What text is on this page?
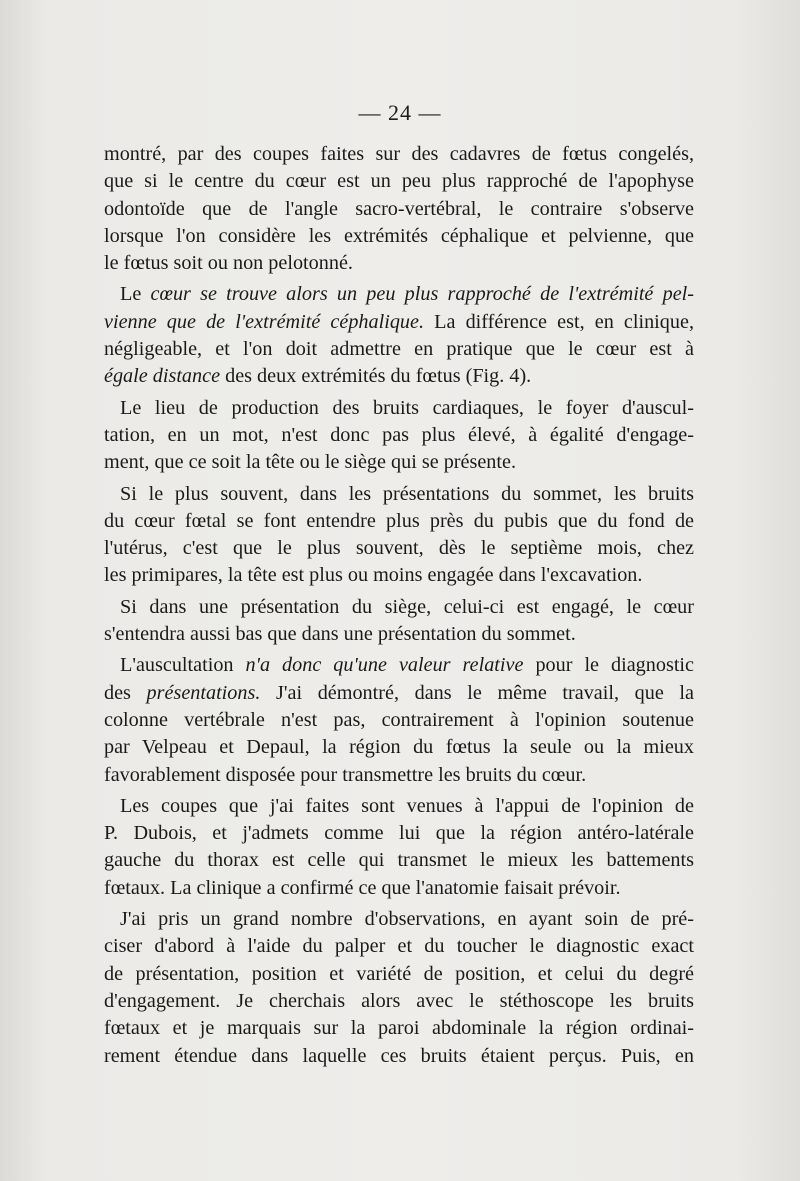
— 24 —
montré, par des coupes faites sur des cadavres de fœtus congelés,
que si le centre du cœur est un peu plus rapproché de l'apophyse
odontoïde que de l'angle sacro-vertébral, le contraire s'observe
lorsque l'on considère les extrémités céphalique et pelvienne, que
le fœtus soit ou non pelotonné.
Le cœur se trouve alors un peu plus rapproché de l'extrémité pel-
vienne que de l'extrémité céphalique. La différence est, en clinique,
négligeable, et l'on doit admettre en pratique que le cœur est à
égale distance des deux extrémités du fœtus (Fig. 4).
Le lieu de production des bruits cardiaques, le foyer d'auscul-
tation, en un mot, n'est donc pas plus élevé, à égalité d'engage-
ment, que ce soit la tête ou le siège qui se présente.
Si le plus souvent, dans les présentations du sommet, les bruits
du cœur fœtal se font entendre plus près du pubis que du fond de
l'utérus, c'est que le plus souvent, dès le septième mois, chez
les primipares, la tête est plus ou moins engagée dans l'excavation.
Si dans une présentation du siège, celui-ci est engagé, le cœur
s'entendra aussi bas que dans une présentation du sommet.
L'auscultation n'a donc qu'une valeur relative pour le diagnostic
des présentations. J'ai démontré, dans le même travail, que la
colonne vertébrale n'est pas, contrairement à l'opinion soutenue
par Velpeau et Depaul, la région du fœtus la seule ou la mieux
favorablement disposée pour transmettre les bruits du cœur.
Les coupes que j'ai faites sont venues à l'appui de l'opinion de
P. Dubois, et j'admets comme lui que la région antéro-latérale
gauche du thorax est celle qui transmet le mieux les battements
fœtaux. La clinique a confirmé ce que l'anatomie faisait prévoir.
J'ai pris un grand nombre d'observations, en ayant soin de pré-
ciser d'abord à l'aide du palper et du toucher le diagnostic exact
de présentation, position et variété de position, et celui du degré
d'engagement. Je cherchais alors avec le stéthoscope les bruits
fœtaux et je marquais sur la paroi abdominale la région ordinai-
rement étendue dans laquelle ces bruits étaient perçus. Puis, en
